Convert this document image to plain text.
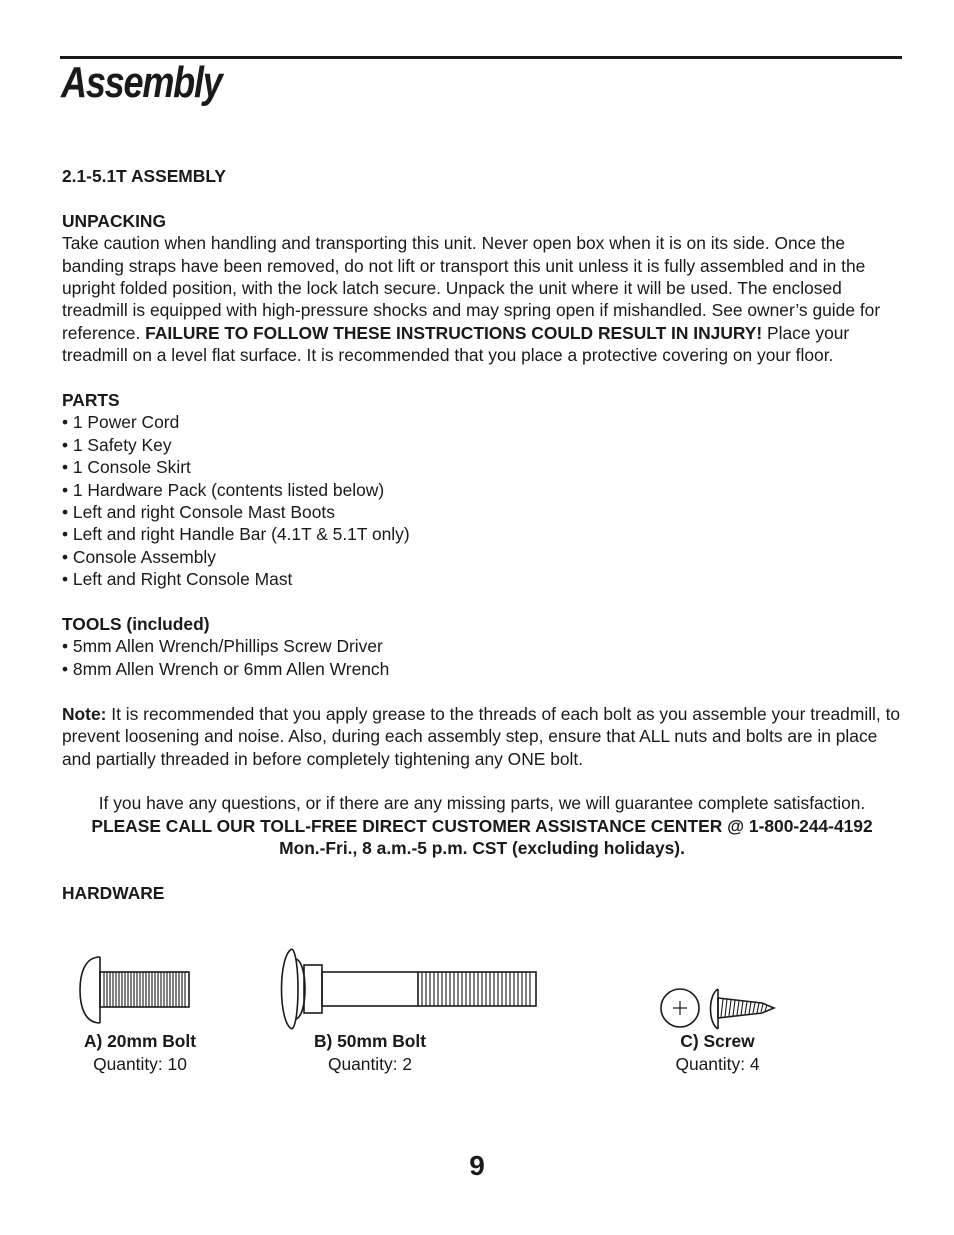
Assembly

2.1-5.1T ASSEMBLY

UNPACKING

Take caution when handling and transporting this unit. Never open box when it is on its side. Once the banding straps have been removed, do not lift or transport this unit unless it is fully assembled and in the upright folded position, with the lock latch secure. Unpack the unit where it will be used. The enclosed treadmill is equipped with high-pressure shocks and may spring open if mishandled. See owner’s guide for reference. FAILURE TO FOLLOW THESE INSTRUCTIONS COULD RESULT IN INJURY! Place your treadmill on a level flat surface. It is recommended that you place a protective covering on your floor.

PARTS

• 1 Power Cord
• 1 Safety Key
• 1 Console Skirt
• 1 Hardware Pack (contents listed below)
• Left and right Console Mast Boots
• Left and right Handle Bar (4.1T & 5.1T only)
• Console Assembly
• Left and Right Console Mast

TOOLS (included)

• 5mm Allen Wrench/Phillips Screw Driver
• 8mm Allen Wrench or 6mm Allen Wrench

Note: It is recommended that you apply grease to the threads of each bolt as you assemble your treadmill, to prevent loosening and noise. Also, during each assembly step, ensure that ALL nuts and bolts are in place and partially threaded in before completely tightening any ONE bolt.

If you have any questions, or if there are any missing parts, we will guarantee complete satisfaction.

PLEASE CALL OUR TOLL-FREE DIRECT CUSTOMER ASSISTANCE CENTER @ 1-800-244-4192

Mon.-Fri., 8 a.m.-5 p.m. CST (excluding holidays).

HARDWARE

A) 20mm Bolt
Quantity: 10
B) 50mm Bolt
Quantity: 2
C) Screw
Quantity: 4
9
